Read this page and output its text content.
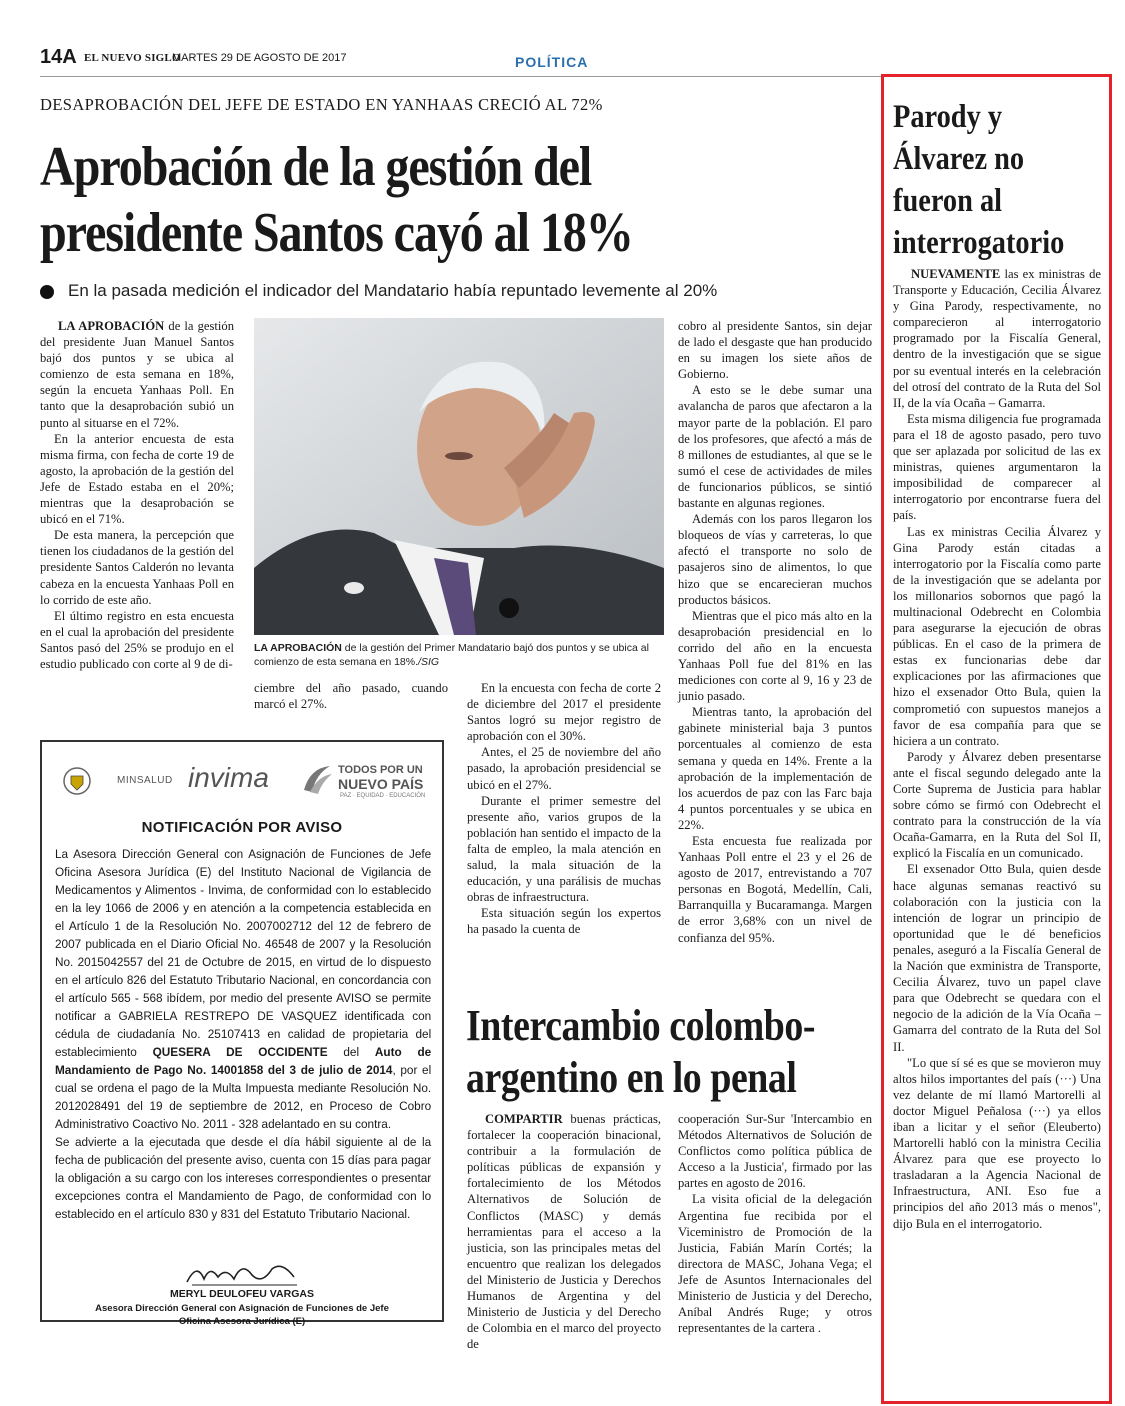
14A EL NUEVO SIGLO
MARTES 29 DE AGOSTO DE 2017	POLÍTICA
DESAPROBACIÓN DEL JEFE DE ESTADO EN YANHAAS CRECIÓ AL 72%
Aprobación de la gestión del
presidente Santos cayó al 18%
En la pasada medición el indicador del Mandatario había repuntado levemente al 20%

LA APROBACIÓN de la gestión del presidente Juan Manuel Santos bajó dos puntos y se ubica al comienzo de esta semana en 18%, según la encueta Yanhaas Poll. En tanto que la desaprobación subió un punto al situarse en el 72%.

En la anterior encuesta de esta misma firma, con fecha de corte 19 de agosto, la aprobación de la gestión del Jefe de Estado estaba en el 20%; mientras que la desaprobación se ubicó en el 71%.

De esta manera, la percepción que tienen los ciudadanos de la gestión del presidente Santos Calderón no levanta cabeza en la encuesta Yanhaas Poll en lo corrido de este año.

El último registro en esta encuesta en el cual la aprobación del presidente Santos pasó del 25% se produjo en el estudio publicado con corte al 9 de di-

LA APROBACIÓN de la gestión del Primer Mandatario bajó dos puntos y se ubica al comienzo de esta semana en 18%./SIG

ciembre del año pasado, cuando marcó el 27%.

En la encuesta con fecha de corte 2 de diciembre del 2017 el presidente Santos logró su mejor registro de aprobación con el 30%.

Antes, el 25 de noviembre del año pasado, la aprobación presidencial se ubicó en el 27%.

Durante el primer semestre del presente año, varios grupos de la población han sentido el impacto de la falta de empleo, la mala atención en salud, la mala situación de la educación, y una parálisis de muchas obras de infraestructura.

Esta situación según los expertos ha pasado la cuenta de

cobro al presidente Santos, sin dejar de lado el desgaste que han producido en su imagen los siete años de Gobierno.

A esto se le debe sumar una avalancha de paros que afectaron a la mayor parte de la población. El paro de los profesores, que afectó a más de 8 millones de estudiantes, al que se le sumó el cese de actividades de miles de funcionarios públicos, se sintió bastante en algunas regiones.

Además con los paros llegaron los bloqueos de vías y carreteras, lo que afectó el transporte no solo de pasajeros sino de alimentos, lo que hizo que se encarecieran muchos productos básicos.

Mientras que el pico más alto en la desaprobación presidencial en lo corrido del año en la encuesta Yanhaas Poll fue del 81% en las mediciones con corte al 9, 16 y 23 de junio pasado.

Mientras tanto, la aprobación del gabinete ministerial baja 3 puntos porcentuales al comienzo de esta semana y queda en 14%. Frente a la aprobación de la implementación de los acuerdos de paz con las Farc baja 4 puntos porcentuales y se ubica en 22%.

Esta encuesta fue realizada por Yanhaas Poll entre el 23 y el 26 de agosto de 2017, entrevistando a 707 personas en Bogotá, Medellín, Cali, Barranquilla y Bucaramanga. Margen de error 3,68% con un nivel de confianza del 95%.

MINSALUD invima	TODOS POR UN
NUEVO PAÍS
PAZ · EQUIDAD · EDUCACIÓN
NOTIFICACIÓN POR AVISO

La Asesora Dirección General con Asignación de Funciones de Jefe Oficina Asesora Jurídica (E) del Instituto Nacional de Vigilancia de Medicamentos y Alimentos - Invima, de conformidad con lo establecido en la ley 1066 de 2006 y en atención a la competencia establecida en el Artículo 1 de la Resolución No. 2007002712 del 12 de febrero de 2007 publicada en el Diario Oficial No. 46548 de 2007 y la Resolución No. 2015042557 del 21 de Octubre de 2015, en virtud de lo dispuesto en el artículo 826 del Estatuto Tributario Nacional, en concordancia con el artículo 565 - 568 ibídem, por medio del presente AVISO se permite notificar a GABRIELA RESTREPO DE VASQUEZ identificada con cédula de ciudadanía No. 25107413 en calidad de propietaria del establecimiento QUESERA DE OCCIDENTE del Auto de Mandamiento de Pago No. 14001858 del 3 de julio de 2014, por el cual se ordena el pago de la Multa Impuesta mediante Resolución No. 2012028491 del 19 de septiembre de 2012, en Proceso de Cobro Administrativo Coactivo No. 2011 - 328 adelantado en su contra.

Se advierte a la ejecutada que desde el día hábil siguiente al de la fecha de publicación del presente aviso, cuenta con 15 días para pagar la obligación a su cargo con los intereses correspondientes o presentar excepciones contra el Mandamiento de Pago, de conformidad con lo establecido en el artículo 830 y 831 del Estatuto Tributario Nacional.

MERYL DEULOFEU VARGAS
Asesora Dirección General con Asignación de Funciones de Jefe Oficina Asesora Jurídica (E)
Intercambio colombo-
argentino en lo penal

COMPARTIR buenas prácticas, fortalecer la cooperación binacional, contribuir a la formulación de políticas públicas de expansión y fortalecimiento de los Métodos Alternativos de Solución de Conflictos (MASC) y demás herramientas para el acceso a la justicia, son las principales metas del encuentro que realizan los delegados del Ministerio de Justicia y Derechos Humanos de Argentina y del Ministerio de Justicia y del Derecho de Colombia en el marco del proyecto de

cooperación Sur-Sur 'Intercambio en Métodos Alternativos de Solución de Conflictos como política pública de Acceso a la Justicia', firmado por las partes en agosto de 2016.

La visita oficial de la delegación Argentina fue recibida por el Viceministro de Promoción de la Justicia, Fabián Marín Cortés; la directora de MASC, Johana Vega; el Jefe de Asuntos Internacionales del Ministerio de Justicia y del Derecho, Aníbal Andrés Ruge; y otros representantes de la cartera .

Parody y
Álvarez no
fueron al
interrogatorio

NUEVAMENTE las ex ministras de Transporte y Educación, Cecilia Álvarez y Gina Parody, respectivamente, no comparecieron al interrogatorio programado por la Fiscalía General, dentro de la investigación que se sigue por su eventual interés en la celebración del otrosí del contrato de la Ruta del Sol II, de la vía Ocaña – Gamarra.

Esta misma diligencia fue programada para el 18 de agosto pasado, pero tuvo que ser aplazada por solicitud de las ex ministras, quienes argumentaron la imposibilidad de comparecer al interrogatorio por encontrarse fuera del país.

Las ex ministras Cecilia Álvarez y Gina Parody están citadas a interrogatorio por la Fiscalía como parte de la investigación que se adelanta por los millonarios sobornos que pagó la multinacional Odebrecht en Colombia para asegurarse la ejecución de obras públicas. En el caso de la primera de estas ex funcionarias debe dar explicaciones por las afirmaciones que hizo el exsenador Otto Bula, quien la comprometió con supuestos manejos a favor de esa compañía para que se hiciera a un contrato.

Parody y Álvarez deben presentarse ante el fiscal segundo delegado ante la Corte Suprema de Justicia para hablar sobre cómo se firmó con Odebrecht el contrato para la construcción de la vía Ocaña-Gamarra, en la Ruta del Sol II, explicó la Fiscalía en un comunicado.

El exsenador Otto Bula, quien desde hace algunas semanas reactivó su colaboración con la justicia con la intención de lograr un principio de oportunidad que le dé beneficios penales, aseguró a la Fiscalía General de la Nación que exministra de Transporte, Cecilia Álvarez, tuvo un papel clave para que Odebrecht se quedara con el negocio de la adición de la Vía Ocaña – Gamarra del contrato de la Ruta del Sol II.

"Lo que sí sé es que se movieron muy altos hilos importantes del país (···) Una vez delante de mí llamó Martorelli al doctor Miguel Peñalosa (···) ya ellos iban a licitar y el señor (Eleuberto) Martorelli habló con la ministra Cecilia Álvarez para que ese proyecto lo trasladaran a la Agencia Nacional de Infraestructura, ANI. Eso fue a principios del año 2013 más o menos", dijo Bula en el interrogatorio.
